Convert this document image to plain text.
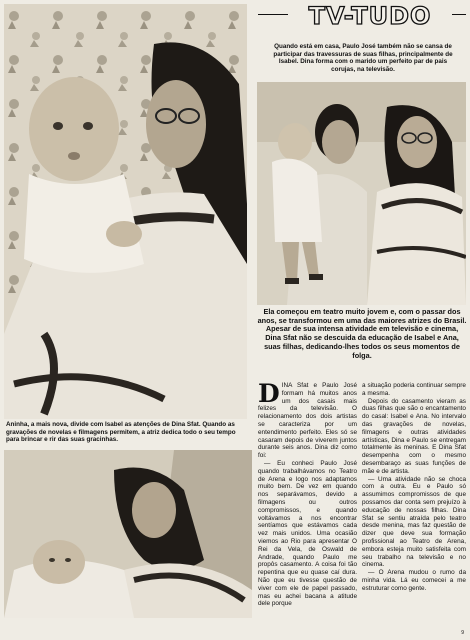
Aninha, a mais nova, divide com Isabel as atenções de Dina Sfat. Quando as gravações de novelas e filmagens permitem, a atriz dedica todo o seu tempo para brincar e rir das suas gracinhas.

TV-TUDO

Quando está em casa, Paulo José também não se cansa de participar das travessuras de suas filhas, principalmente de Isabel. Dina forma com o marido um perfeito par de pais corujas, na televisão.

Ela começou em teatro muito jovem e, com o passar dos anos, se transformou em uma das maiores atrizes do Brasil. Apesar de sua intensa atividade em televisão e cinema, Dina Sfat não se descuida da educação de Isabel e Ana, suas filhas, dedicando-lhes todos os seus momentos de folga.

D INA Sfat e Paulo José formam há muitos anos um dos casais mais felizes da televisão. O relacionamento dos dois artistas se caracteriza por um entendimento perfeito. Eles só se casaram depois de viverem juntos durante seis anos. Dina diz como foi:

— Eu conheci Paulo José quando trabalhávamos no Teatro de Arena e logo nos adaptamos muito bem. De vez em quando nos separávamos, devido a filmagens ou outros compromissos, e quando voltávamos a nos encontrar sentíamos que estávamos cada vez mais unidos. Uma ocasião viemos ao Rio para apresentar O Rei da Vela, de Oswald de Andrade, quando Paulo me propôs casamento. A coisa foi tão repentina que eu quase caí dura. Não que eu tivesse questão de viver com ele de papel passado, mas eu achei bacana a atitude dele porque

a situação poderia continuar sempre a mesma.

Depois do casamento vieram as duas filhas que são o encantamento do casal: Isabel e Ana. No intervalo das gravações de novelas, filmagens e outras atividades artísticas, Dina e Paulo se entregam totalmente às meninas. E Dina Sfat desempenha com o mesmo desembaraço as suas funções de mãe e de artista.

— Uma atividade não se choca com a outra. Eu e Paulo só assumimos compromissos de que possamos dar conta sem prejuízo à educação de nossas filhas. Dina Sfat se sentiu atraída pelo teatro desde menina, mas faz questão de dizer que deve sua formação profissional ao Teatro de Arena, embora esteja muito satisfeita com seu trabalho na televisão e no cinema.

— O Arena mudou o rumo da minha vida. Lá eu comecei a me estruturar como gente.

9
